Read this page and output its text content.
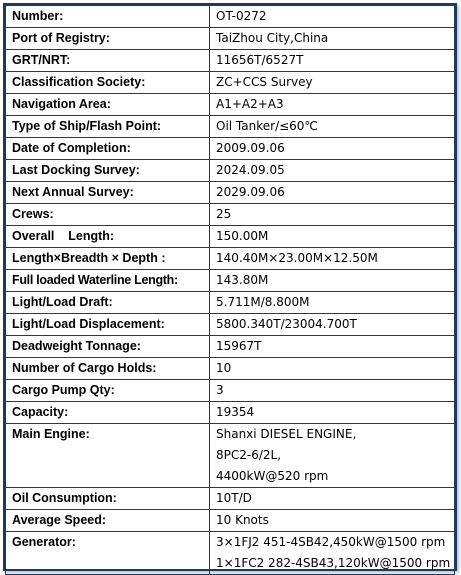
Number:	OT-0272
Port of Registry:	TaiZhou City,China
GRT/NRT:	11656T/6527T
Classification Society:	ZC+CCS Survey
Navigation Area:	A1+A2+A3
Type of Ship/Flash Point:	Oil Tanker/≤60℃
Date of Completion:	2009.09.06
Last Docking Survey:	2024.09.05
Next Annual Survey:	2029.09.06
Crews:	25
Overall    Length:	150.00M
Length×Breadth × Depth :	140.40M×23.00M×12.50M
Full loaded Waterline Length:	143.80M
Light/Load Draft:	5.711M/8.800M
Light/Load Displacement:	5800.340T/23004.700T
Deadweight Tonnage:	15967T
Number of Cargo Holds:	10
Cargo Pump Qty:	3
Capacity:	19354
Main Engine:	Shanxi DIESEL ENGINE,
8PC2-6/2L,
4400kW@520 rpm

Oil Consumption:	10T/D
Average Speed:	10 Knots
Generator:	3×1FJ2 451-4SB42,450kW@1500 rpm
1×1FC2 282-4SB43,120kW@1500 rpm
